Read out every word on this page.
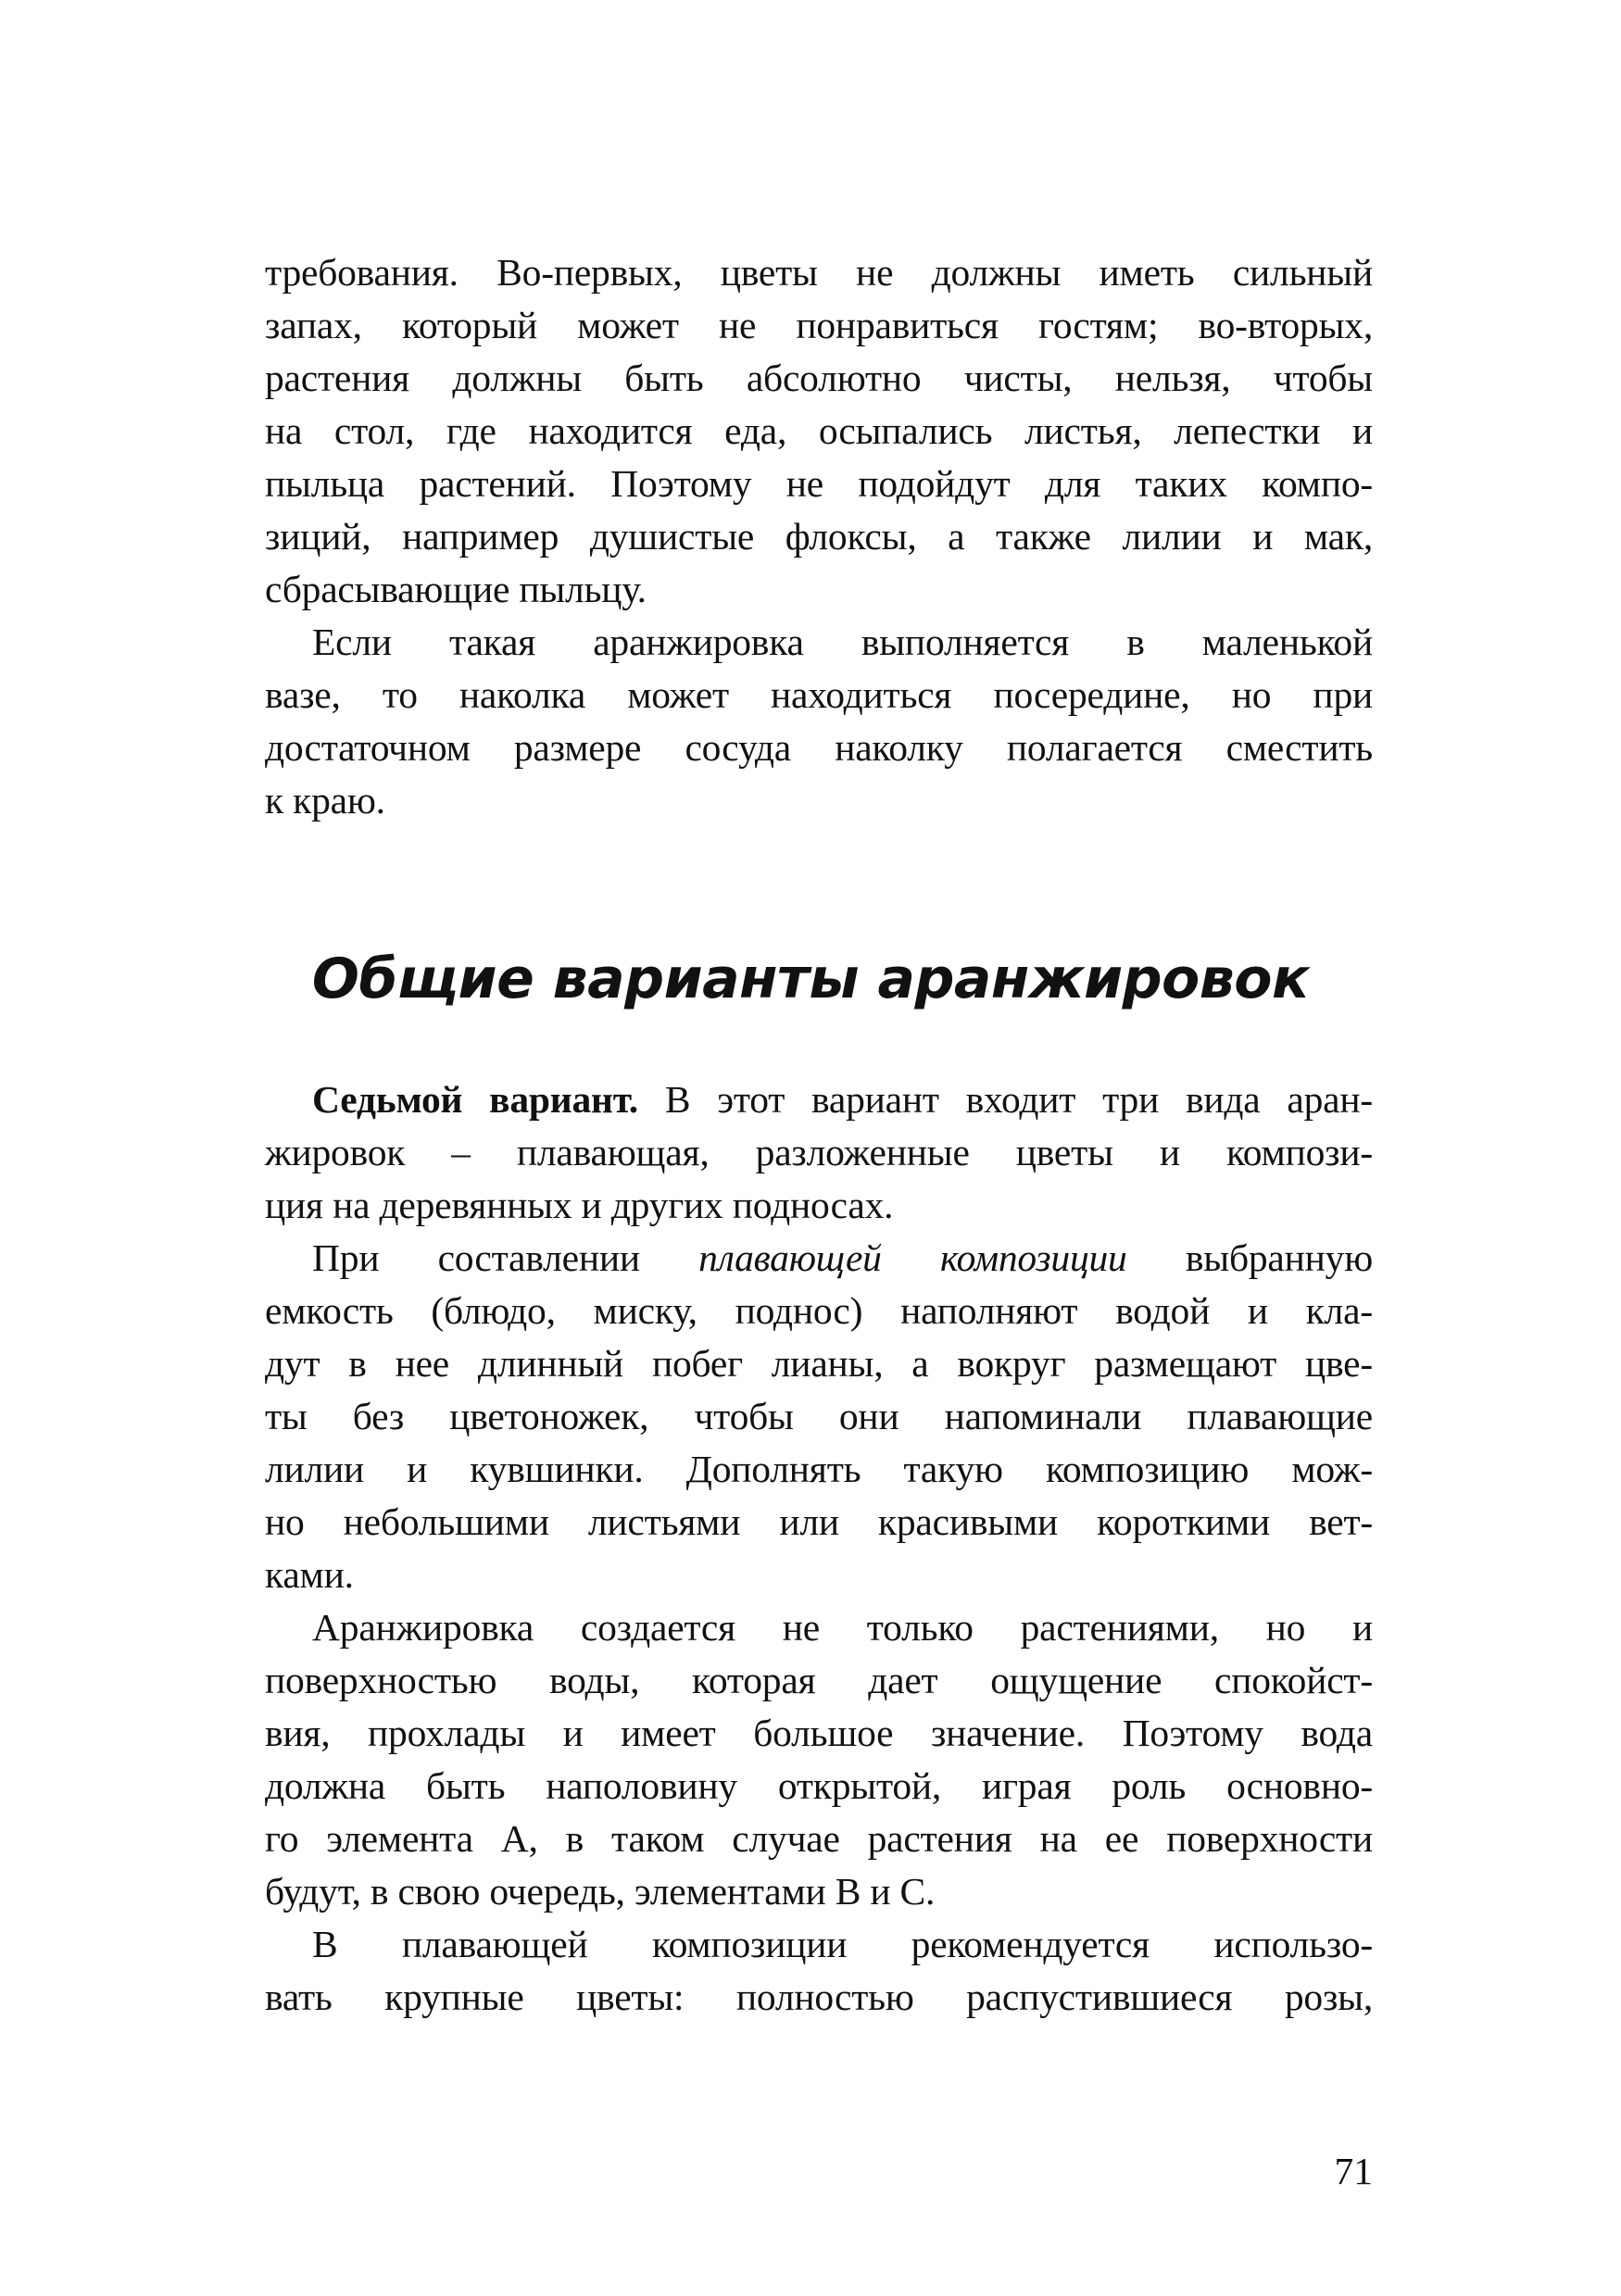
требования. Во-первых, цветы не должны иметь сильный
запах, который может не понравиться гостям; во-вторых,
растения должны быть абсолютно чисты, нельзя, чтобы
на стол, где находится еда, осыпались листья, лепестки и
пыльца растений. Поэтому не подойдут для таких компо-
зиций, например душистые флоксы, а также лилии и мак,
сбрасывающие пыльцу.
Если такая аранжировка выполняется в маленькой
вазе, то наколка может находиться посередине, но при
достаточном размере сосуда наколку полагается сместить
к краю.
Общие варианты аранжировок
Седьмой вариант. В этот вариант входит три вида аран-
жировок – плавающая, разложенные цветы и компози-
ция на деревянных и других подносах.
При составлении плавающей композиции выбранную
емкость (блюдо, миску, поднос) наполняют водой и кла-
дут в нее длинный побег лианы, а вокруг размещают цве-
ты без цветоножек, чтобы они напоминали плавающие
лилии и кувшинки. Дополнять такую композицию мож-
но небольшими листьями или красивыми короткими вет-
ками.
Аранжировка создается не только растениями, но и
поверхностью воды, которая дает ощущение спокойст-
вия, прохлады и имеет большое значение. Поэтому вода
должна быть наполовину открытой, играя роль основно-
го элемента А, в таком случае растения на ее поверхности
будут, в свою очередь, элементами В и С.
В плавающей композиции рекомендуется использо-
вать крупные цветы: полностью распустившиеся розы,
71
